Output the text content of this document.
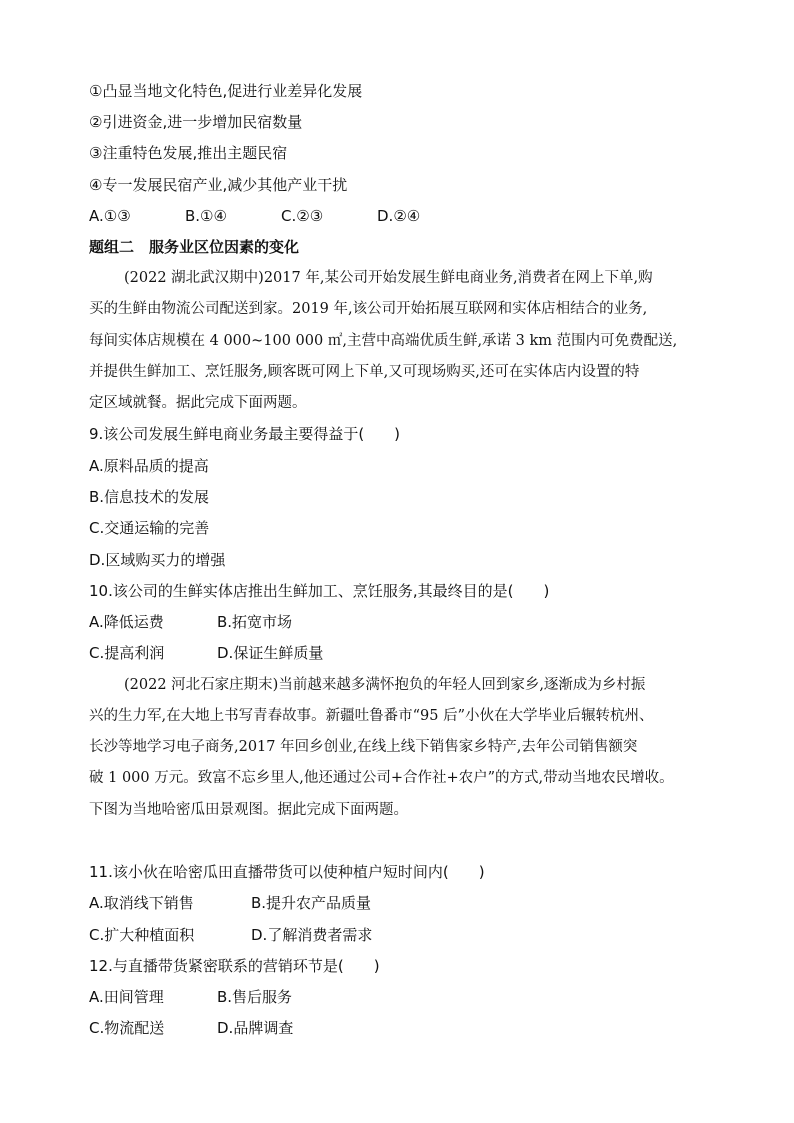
①凸显当地文化特色,促进行业差异化发展
②引进资金,进一步增加民宿数量
③注重特色发展,推出主题民宿
④专一发展民宿产业,减少其他产业干扰
A.①③	B.①④	C.②③	D.②④
题组二　服务业区位因素的变化
(2022 湖北武汉期中)2017 年,某公司开始发展生鲜电商业务,消费者在网上下单,购
买的生鲜由物流公司配送到家。2019 年,该公司开始拓展互联网和实体店相结合的业务,
每间实体店规模在 4 000~100 000 ㎡,主营中高端优质生鲜,承诺 3 km 范围内可免费配送,
并提供生鲜加工、烹饪服务,顾客既可网上下单,又可现场购买,还可在实体店内设置的特
定区域就餐。据此完成下面两题。
9.该公司发展生鲜电商业务最主要得益于(　　)
A.原料品质的提高
B.信息技术的发展
C.交通运输的完善
D.区域购买力的增强
10.该公司的生鲜实体店推出生鲜加工、烹饪服务,其最终目的是(　　)
A.降低运费	B.拓宽市场
C.提高利润	D.保证生鲜质量
(2022 河北石家庄期末)当前越来越多满怀抱负的年轻人回到家乡,逐渐成为乡村振
兴的生力军,在大地上书写青春故事。新疆吐鲁番市“95 后”小伙在大学毕业后辗转杭州、
长沙等地学习电子商务,2017 年回乡创业,在线上线下销售家乡特产,去年公司销售额突
破 1 000 万元。致富不忘乡里人,他还通过公司+合作社+农户”的方式,带动当地农民增收。
下图为当地哈密瓜田景观图。据此完成下面两题。
11.该小伙在哈密瓜田直播带货可以使种植户短时间内(　　)
A.取消线下销售	B.提升农产品质量
C.扩大种植面积	D.了解消费者需求
12.与直播带货紧密联系的营销环节是(　　)
A.田间管理	B.售后服务
C.物流配送	D.品牌调查
